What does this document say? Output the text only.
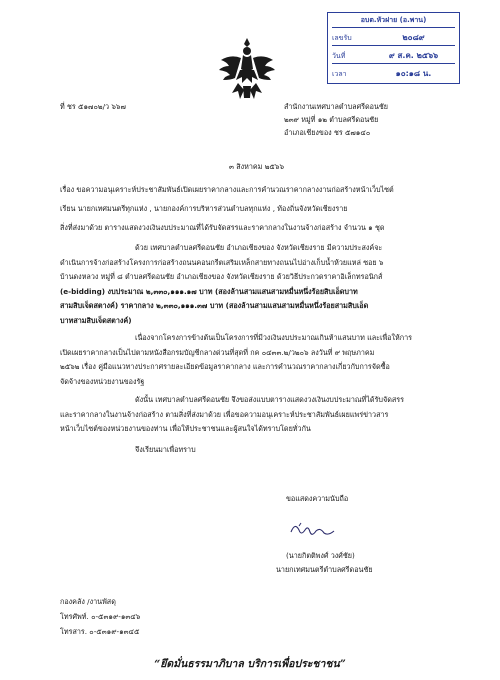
อบต.หัวฝาย (อ.พาน)
เลขรับ	๒๐๘๙
วันที่	๙ ส.ค. ๒๕๖๖
เวลา	๑๐:๑๘ น.
ที่ ชร ๕๑๗๐๒/ว ๖๖๗	สำนักงานเทศบาลตำบลศรีดอนชัย
๒๓๙ หมู่ที่ ๑๒ ตำบลศรีดอนชัย
อำเภอเชียงของ ชร ๕๗๑๔๐
๓ สิงหาคม ๒๕๖๖
เรื่อง ขอความอนุเคราะห์ประชาสัมพันธ์เปิดเผยราคากลางและการคำนวณราคากลางงานก่อสร้างหน้าเว็บไซต์
เรียน นายกเทศมนตรีทุกแห่ง , นายกองค์การบริหารส่วนตำบลทุกแห่ง , ท้องถิ่นจังหวัดเชียงราย
สิ่งที่ส่งมาด้วย ตารางแสดงวงเงินงบประมาณที่ได้รับจัดสรรและราคากลางในงานจ้างก่อสร้าง จำนวน ๑ ชุด
ด้วย เทศบาลตำบลศรีดอนชัย อำเภอเชียงของ จังหวัดเชียงราย มีความประสงค์จะ
ดำเนินการจ้างก่อสร้างโครงการก่อสร้างถนนคอนกรีตเสริมเหล็กสายทางถนนไปอ่างเก็บน้ำห้วยแหล่ ซอย ๖
บ้านดงหลวง หมู่ที่ ๘ ตำบลศรีดอนชัย อำเภอเชียงของ จังหวัดเชียงราย ด้วยวิธีประกวดราคาอิเล็กทรอนิกส์
(e-bidding) งบประมาณ ๒,๓๓๐,๑๑๑.๑๗ บาท (สองล้านสามแสนสามหมื่นหนึ่งร้อยสิบเอ็ดบาท
สามสิบเจ็ดสตางค์) ราคากลาง ๒,๓๓๐,๑๑๑.๓๗ บาท (สองล้านสามแสนสามหมื่นหนึ่งร้อยสามสิบเอ็ด
บาทสามสิบเจ็ดสตางค์)
เนื่องจากโครงการข้างต้นเป็นโครงการที่มีวงเงินงบประมาณเกินห้าแสนบาท และเพื่อให้การ
เปิดเผยราคากลางเป็นไปตามหนังสือกรมบัญชีกลางด่วนที่สุดที่ กค ๐๔๓๓.๒/ว๒๐๖ ลงวันที่ ๙ พฤษภาคม
๒๕๖๒ เรื่อง คู่มือแนวทางประกาศรายละเอียดข้อมูลราคากลาง และการคำนวณราคากลางเกี่ยวกับการจัดซื้อ
จัดจ้างของหน่วยงานของรัฐ
ดังนั้น เทศบาลตำบลศรีดอนชัย จึงขอส่งแบบตารางแสดงวงเงินงบประมาณที่ได้รับจัดสรร
และราคากลางในงานจ้างก่อสร้าง ตามสิ่งที่ส่งมาด้วย เพื่อขอความอนุเคราะห์ประชาสัมพันธ์เผยแพร่ข่าวสาร
หน้าเว็บไซต์ของหน่วยงานของท่าน เพื่อให้ประชาชนและผู้สนใจได้ทราบโดยทั่วกัน
จึงเรียนมาเพื่อทราบ
ขอแสดงความนับถือ
(นายกิตติพงศ์ วงศ์ชัย)
นายกเทศมนตรีตำบลศรีดอนชัย
กองคลัง /งานพัสดุ
โทรศัพท์. ๐-๕๓๑๙-๑๓๔๖
โทรสาร. ๐-๕๓๑๙-๑๓๔๕
“ยึดมั่นธรรมาภิบาล บริการเพื่อประชาชน”
